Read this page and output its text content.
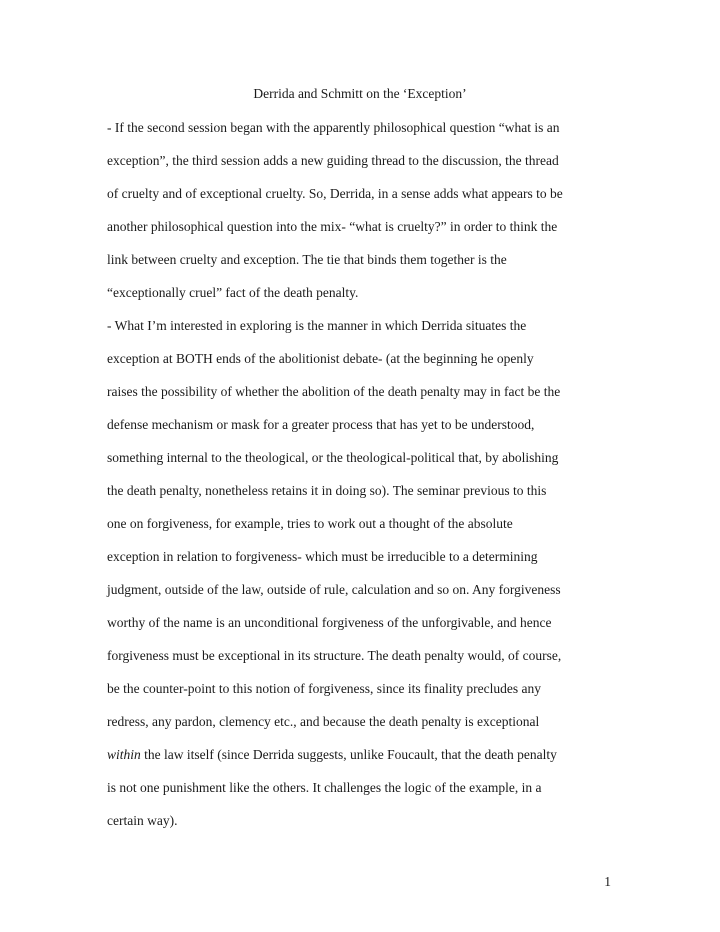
Derrida and Schmitt on the ‘Exception’
- If the second session began with the apparently philosophical question “what is an
exception”, the third session adds a new guiding thread to the discussion, the thread
of cruelty and of exceptional cruelty. So, Derrida, in a sense adds what appears to be
another philosophical question into the mix- “what is cruelty?” in order to think the
link between cruelty and exception. The tie that binds them together is the
“exceptionally cruel” fact of the death penalty.
- What I’m interested in exploring is the manner in which Derrida situates the
exception at BOTH ends of the abolitionist debate- (at the beginning he openly
raises the possibility of whether the abolition of the death penalty may in fact be the
defense mechanism or mask for a greater process that has yet to be understood,
something internal to the theological, or the theological-political that, by abolishing
the death penalty, nonetheless retains it in doing so). The seminar previous to this
one on forgiveness, for example, tries to work out a thought of the absolute
exception in relation to forgiveness- which must be irreducible to a determining
judgment, outside of the law, outside of rule, calculation and so on. Any forgiveness
worthy of the name is an unconditional forgiveness of the unforgivable, and hence
forgiveness must be exceptional in its structure. The death penalty would, of course,
be the counter-point to this notion of forgiveness, since its finality precludes any
redress, any pardon, clemency etc., and because the death penalty is exceptional
within the law itself (since Derrida suggests, unlike Foucault, that the death penalty
is not one punishment like the others. It challenges the logic of the example, in a
certain way).
1
